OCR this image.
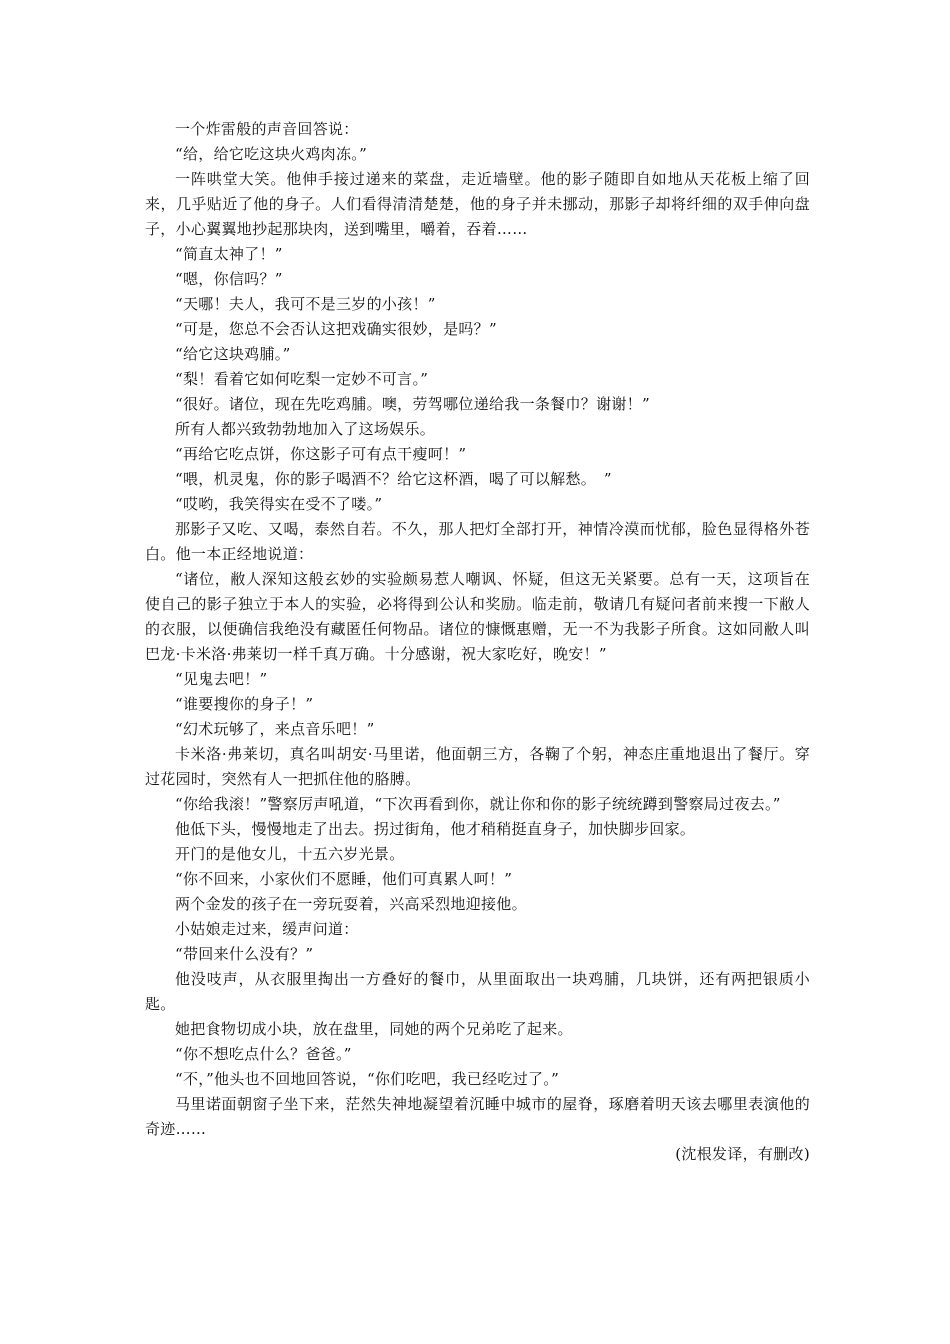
一个炸雷般的声音回答说：

“给，给它吃这块火鸡肉冻。”

一阵哄堂大笑。他伸手接过递来的菜盘，走近墙壁。他的影子随即自如地从天花板上缩了回来，几乎贴近了他的身子。人们看得清清楚楚，他的身子并未挪动，那影子却将纤细的双手伸向盘子，小心翼翼地抄起那块肉，送到嘴里，嚼着，吞着……

“简直太神了！”

“嗯，你信吗？”

“天哪！夫人，我可不是三岁的小孩！”

“可是，您总不会否认这把戏确实很妙，是吗？”

“给它这块鸡脯。”

“梨！看着它如何吃梨一定妙不可言。”

“很好。诸位，现在先吃鸡脯。噢，劳驾哪位递给我一条餐巾？谢谢！”

所有人都兴致勃勃地加入了这场娱乐。

“再给它吃点饼，你这影子可有点干瘦呵！”

“喂，机灵鬼，你的影子喝酒不？给它这杯酒，喝了可以解愁。　”

“哎哟，我笑得实在受不了喽。”

那影子又吃、又喝，泰然自若。不久，那人把灯全部打开，神情冷漠而忧郁，脸色显得格外苍白。他一本正经地说道：

“诸位，敝人深知这般玄妙的实验颇易惹人嘲讽、怀疑，但这无关紧要。总有一天，这项旨在使自己的影子独立于本人的实验，必将得到公认和奖励。临走前，敬请几有疑问者前来搜一下敝人的衣服，以便确信我绝没有藏匿任何物品。诸位的慷慨惠赠，无一不为我影子所食。这如同敝人叫巴龙·卡米洛·弗莱切一样千真万确。十分感谢，祝大家吃好，晚安！”

“见鬼去吧！”

“谁要搜你的身子！”

“幻术玩够了，来点音乐吧！”

卡米洛·弗莱切，真名叫胡安·马里诺，他面朝三方，各鞠了个躬，神态庄重地退出了餐厅。穿过花园时，突然有人一把抓住他的胳膊。

“你给我滚！”警察厉声吼道，“下次再看到你，就让你和你的影子统统蹲到警察局过夜去。”

他低下头，慢慢地走了出去。拐过街角，他才稍稍挺直身子，加快脚步回家。

开门的是他女儿，十五六岁光景。

“你不回来，小家伙们不愿睡，他们可真累人呵！”

两个金发的孩子在一旁玩耍着，兴高采烈地迎接他。

小姑娘走过来，缓声问道：

“带回来什么没有？”

他没吱声，从衣服里掏出一方叠好的餐巾，从里面取出一块鸡脯，几块饼，还有两把银质小匙。

她把食物切成小块，放在盘里，同她的两个兄弟吃了起来。

“你不想吃点什么？爸爸。”

“不，”他头也不回地回答说，“你们吃吧，我已经吃过了。”

马里诺面朝窗子坐下来，茫然失神地凝望着沉睡中城市的屋脊，琢磨着明天该去哪里表演他的奇迹……

(沈根发译，有删改)
